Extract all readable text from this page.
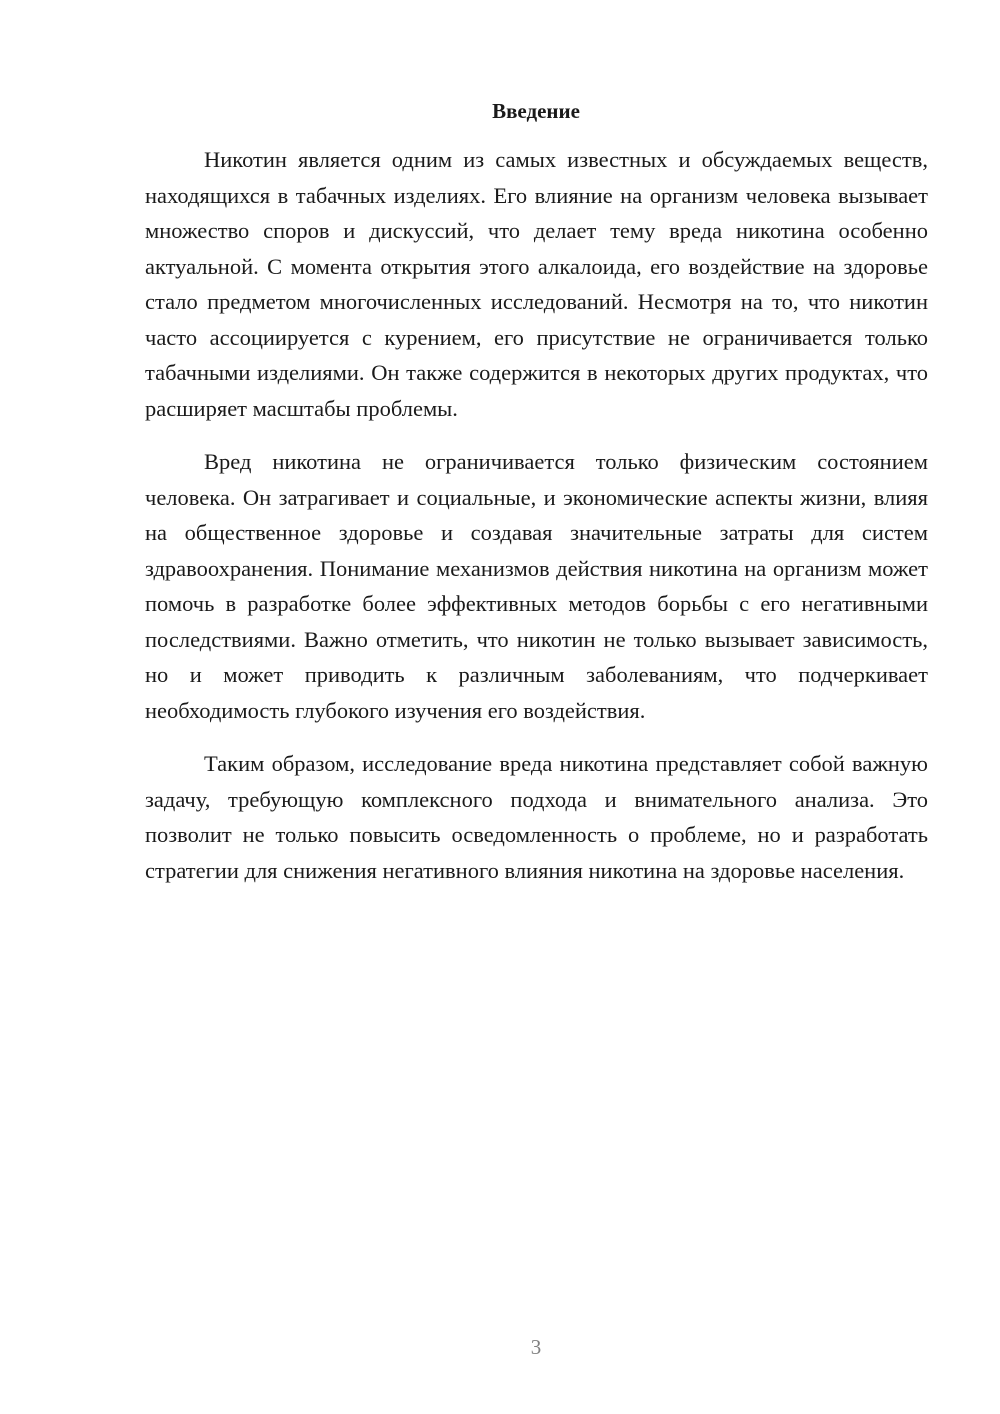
Введение

Никотин является одним из самых известных и обсуждаемых веществ, находящихся в табачных изделиях. Его влияние на организм человека вызывает множество споров и дискуссий, что делает тему вреда никотина особенно актуальной. С момента открытия этого алкалоида, его воздействие на здоровье стало предметом многочисленных исследований. Несмотря на то, что никотин часто ассоциируется с курением, его присутствие не ограничивается только табачными изделиями. Он также содержится в некоторых других продуктах, что расширяет масштабы проблемы.

Вред никотина не ограничивается только физическим состоянием человека. Он затрагивает и социальные, и экономические аспекты жизни, влияя на общественное здоровье и создавая значительные затраты для систем здравоохранения. Понимание механизмов действия никотина на организм может помочь в разработке более эффективных методов борьбы с его негативными последствиями. Важно отметить, что никотин не только вызывает зависимость, но и может приводить к различным заболеваниям, что подчеркивает необходимость глубокого изучения его воздействия.

Таким образом, исследование вреда никотина представляет собой важную задачу, требующую комплексного подхода и внимательного анализа. Это позволит не только повысить осведомленность о проблеме, но и разработать стратегии для снижения негативного влияния никотина на здоровье населения.

3
